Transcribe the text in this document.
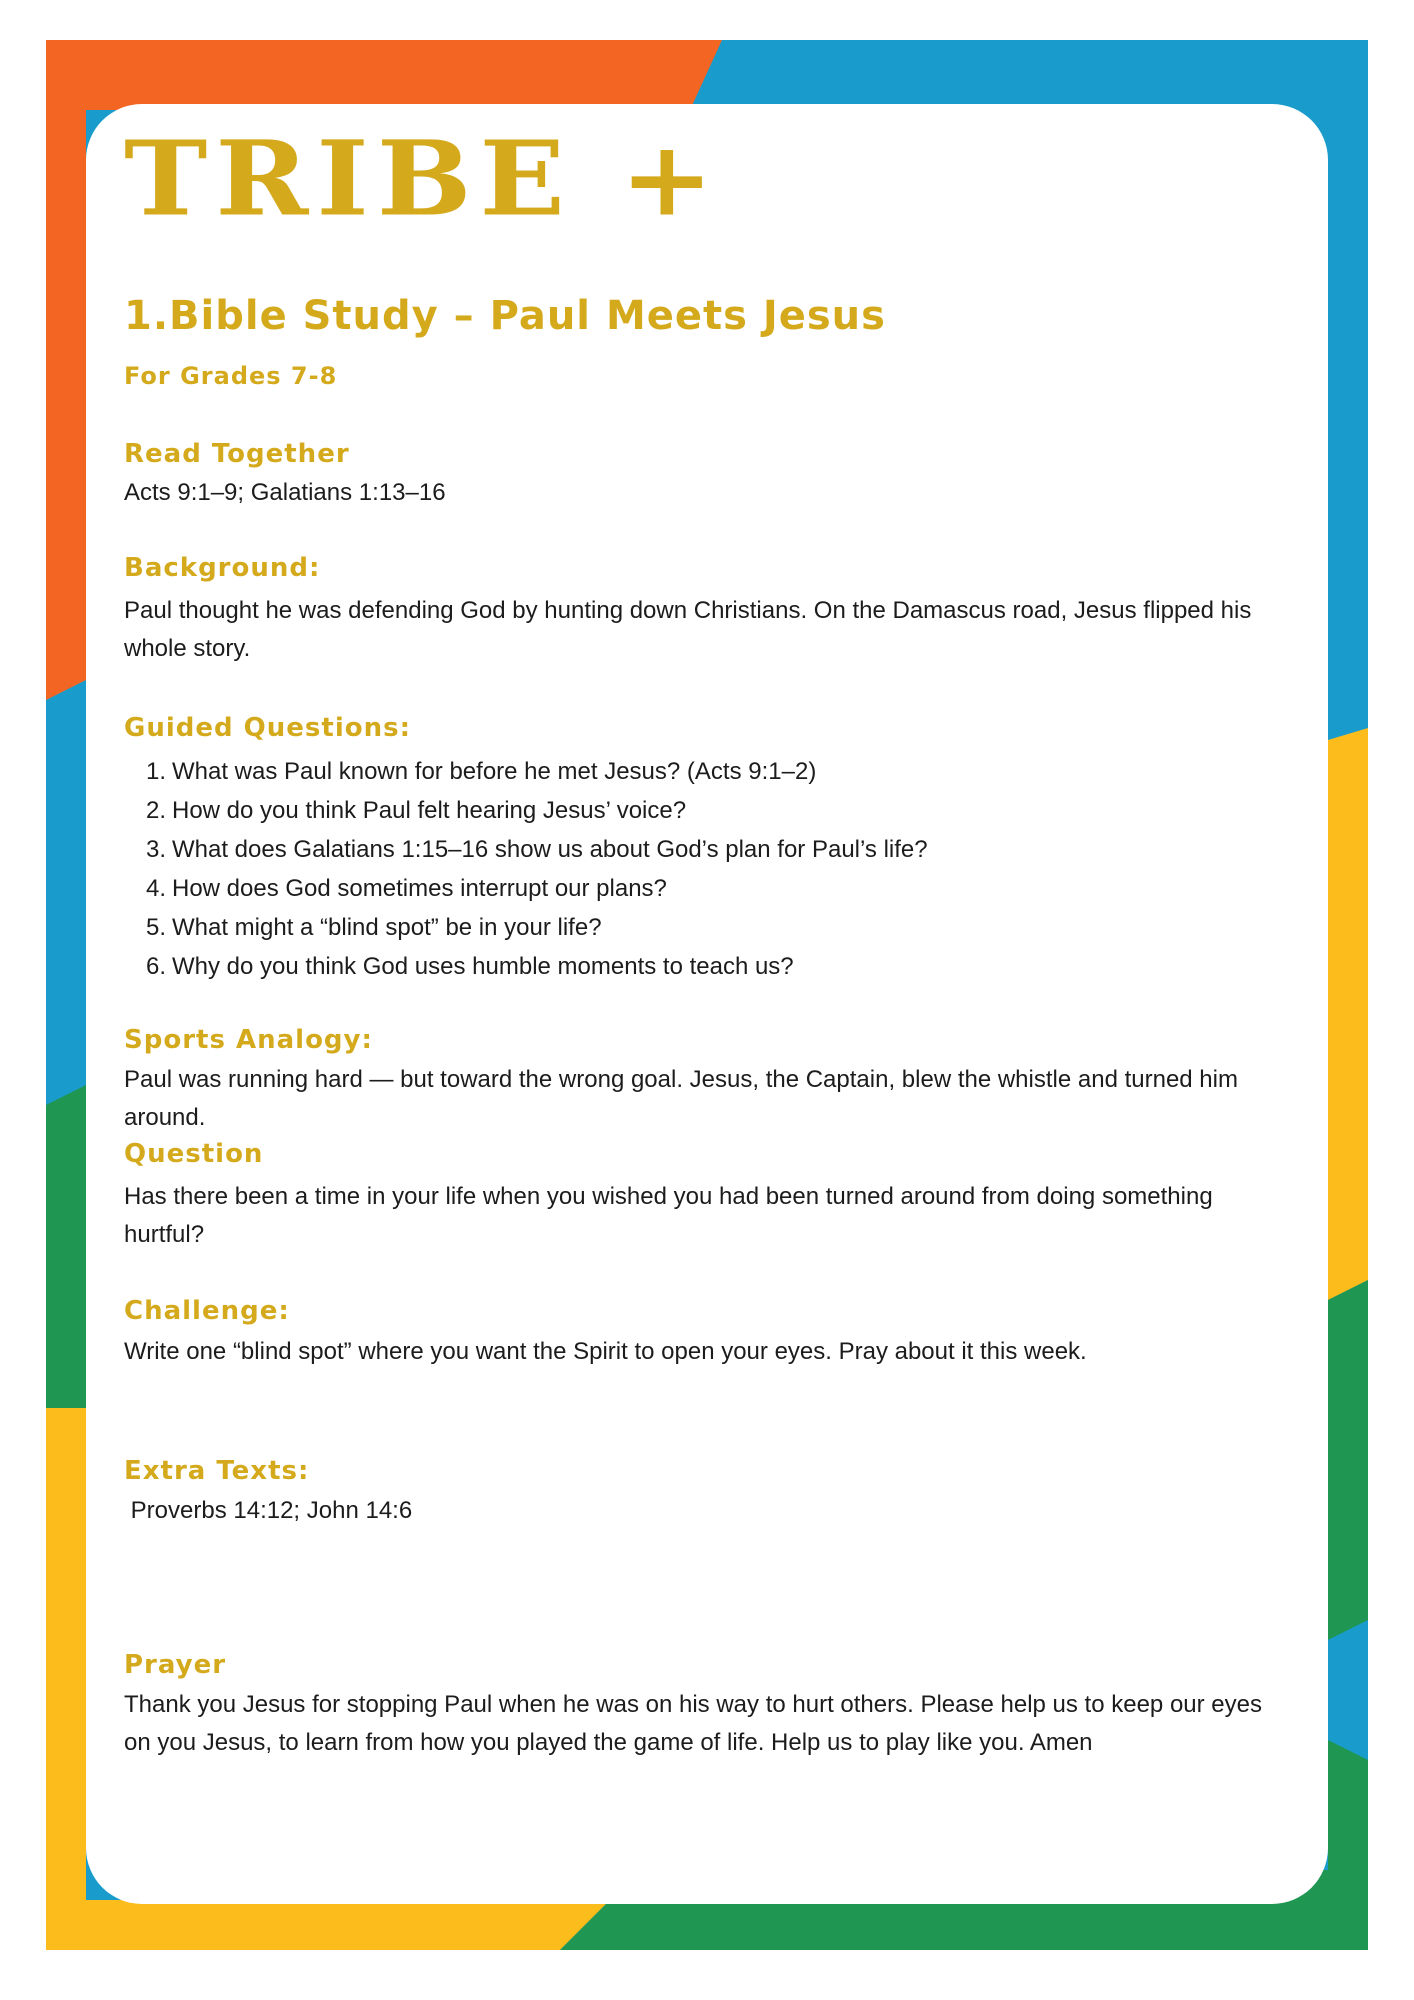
TRIBE +
1.Bible Study – Paul Meets Jesus
For Grades 7-8
Read Together

Acts 9:1–9; Galatians 1:13–16

Background:

Paul thought he was defending God by hunting down Christians. On the Damascus road, Jesus flipped his whole story.

Guided Questions:
1. What was Paul known for before he met Jesus? (Acts 9:1–2)
2. How do you think Paul felt hearing Jesus’ voice?
3. What does Galatians 1:15–16 show us about God’s plan for Paul’s life?
4. How does God sometimes interrupt our plans?
5. What might a “blind spot” be in your life?
6. Why do you think God uses humble moments to teach us?
Sports Analogy:

Paul was running hard — but toward the wrong goal. Jesus, the Captain, blew the whistle and turned him around.

Question

Has there been a time in your life when you wished you had been turned around from doing something hurtful?

Challenge:

Write one “blind spot” where you want the Spirit to open your eyes. Pray about it this week.

Extra Texts:

Proverbs 14:12; John 14:6

Prayer

Thank you Jesus for stopping Paul when he was on his way to hurt others. Please help us to keep our eyes on you Jesus, to learn from how you played the game of life. Help us to play like you. Amen
